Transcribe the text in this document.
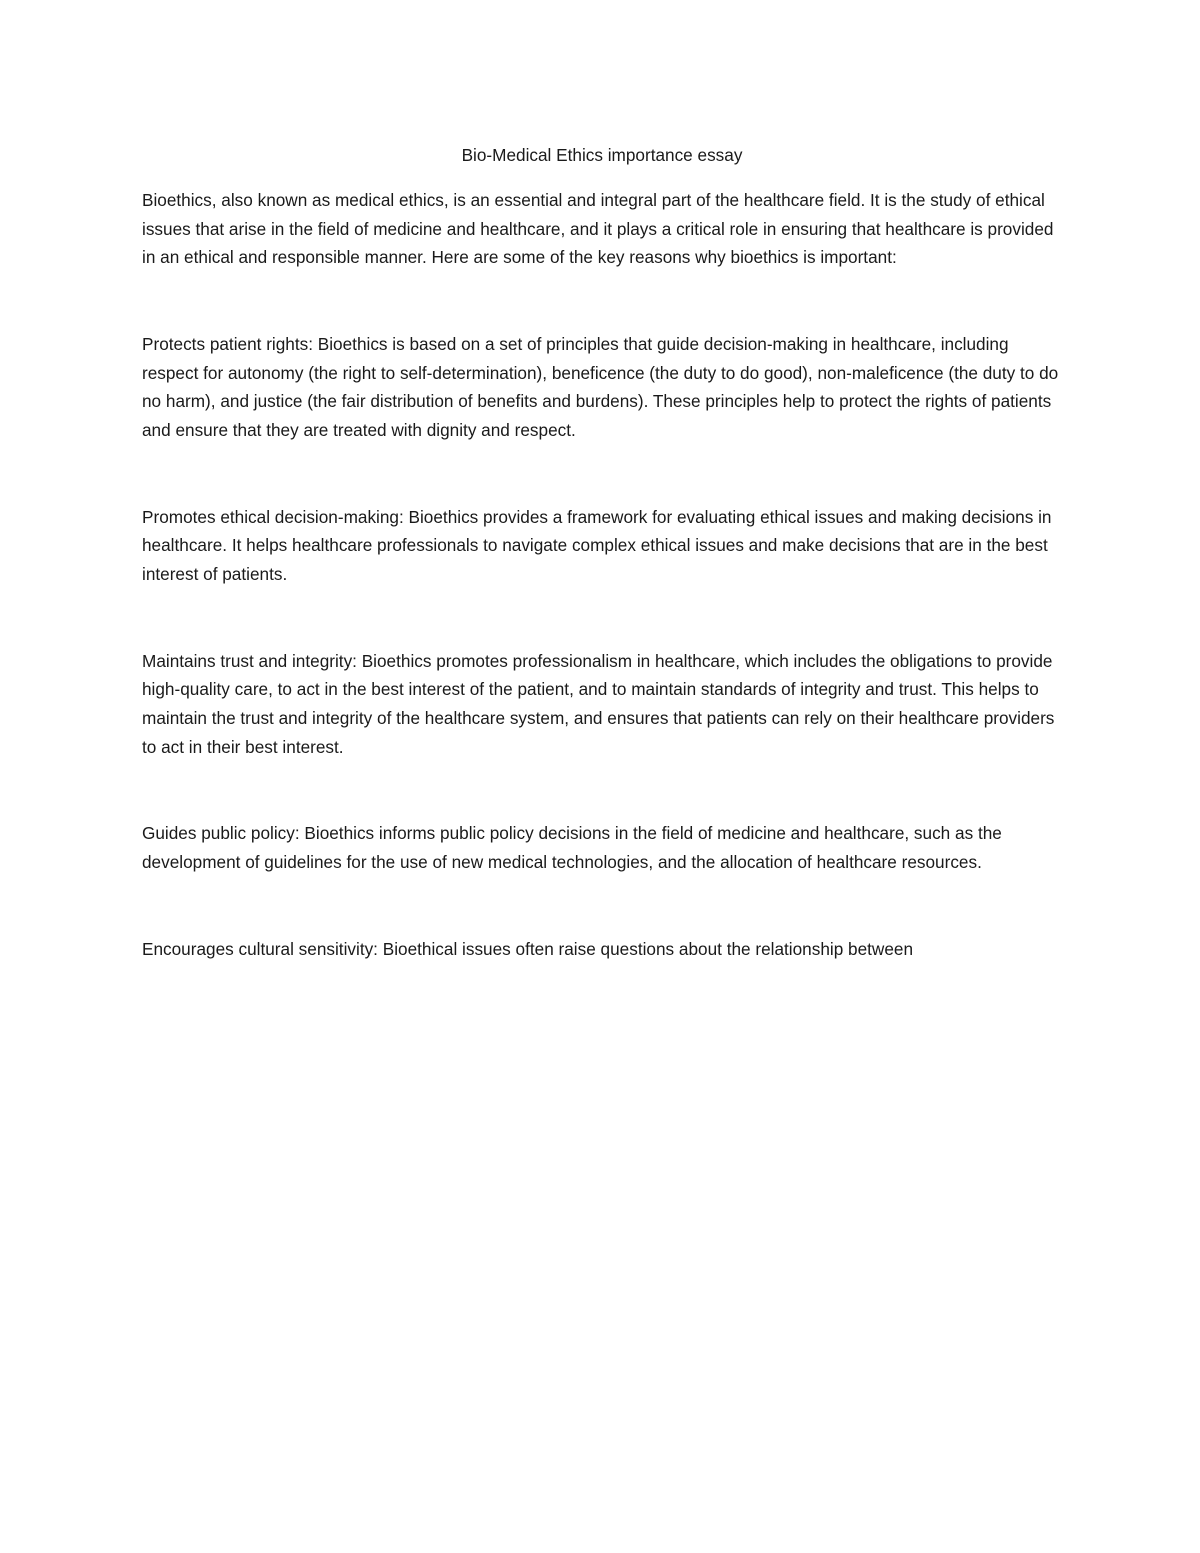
Bio-Medical Ethics importance essay

Bioethics, also known as medical ethics, is an essential and integral part of the healthcare field. It is the study of ethical issues that arise in the field of medicine and healthcare, and it plays a critical role in ensuring that healthcare is provided in an ethical and responsible manner. Here are some of the key reasons why bioethics is important:

Protects patient rights: Bioethics is based on a set of principles that guide decision-making in healthcare, including respect for autonomy (the right to self-determination), beneficence (the duty to do good), non-maleficence (the duty to do no harm), and justice (the fair distribution of benefits and burdens). These principles help to protect the rights of patients and ensure that they are treated with dignity and respect.

Promotes ethical decision-making: Bioethics provides a framework for evaluating ethical issues and making decisions in healthcare. It helps healthcare professionals to navigate complex ethical issues and make decisions that are in the best interest of patients.

Maintains trust and integrity: Bioethics promotes professionalism in healthcare, which includes the obligations to provide high-quality care, to act in the best interest of the patient, and to maintain standards of integrity and trust. This helps to maintain the trust and integrity of the healthcare system, and ensures that patients can rely on their healthcare providers to act in their best interest.

Guides public policy: Bioethics informs public policy decisions in the field of medicine and healthcare, such as the development of guidelines for the use of new medical technologies, and the allocation of healthcare resources.

Encourages cultural sensitivity: Bioethical issues often raise questions about the relationship between
